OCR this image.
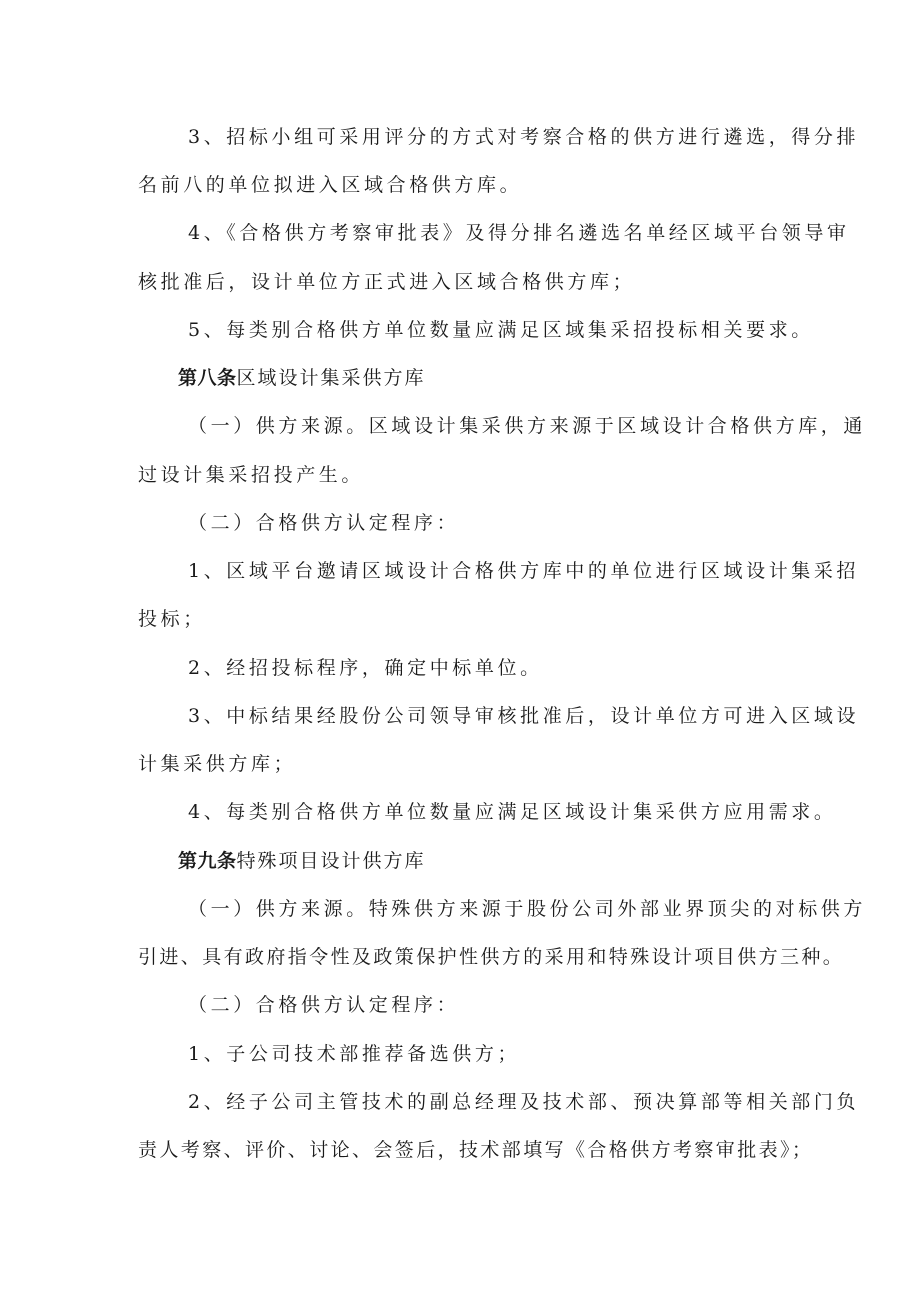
3、招标小组可采用评分的方式对考察合格的供方进行遴选，得分排
名前八的单位拟进入区域合格供方库。
4、《合格供方考察审批表》及得分排名遴选名单经区域平台领导审
核批准后，设计单位方正式进入区域合格供方库；
5、每类别合格供方单位数量应满足区域集采招投标相关要求。
第八条区域设计集采供方库
（一）供方来源。区域设计集采供方来源于区域设计合格供方库，通
过设计集采招投产生。
（二）合格供方认定程序：
1、区域平台邀请区域设计合格供方库中的单位进行区域设计集采招
投标；
2、经招投标程序，确定中标单位。
3、中标结果经股份公司领导审核批准后，设计单位方可进入区域设
计集采供方库；
4、每类别合格供方单位数量应满足区域设计集采供方应用需求。
第九条特殊项目设计供方库
（一）供方来源。特殊供方来源于股份公司外部业界顶尖的对标供方
引进、具有政府指令性及政策保护性供方的采用和特殊设计项目供方三种。
（二）合格供方认定程序：
1、子公司技术部推荐备选供方；
2、经子公司主管技术的副总经理及技术部、预决算部等相关部门负
责人考察、评价、讨论、会签后，技术部填写《合格供方考察审批表》；
